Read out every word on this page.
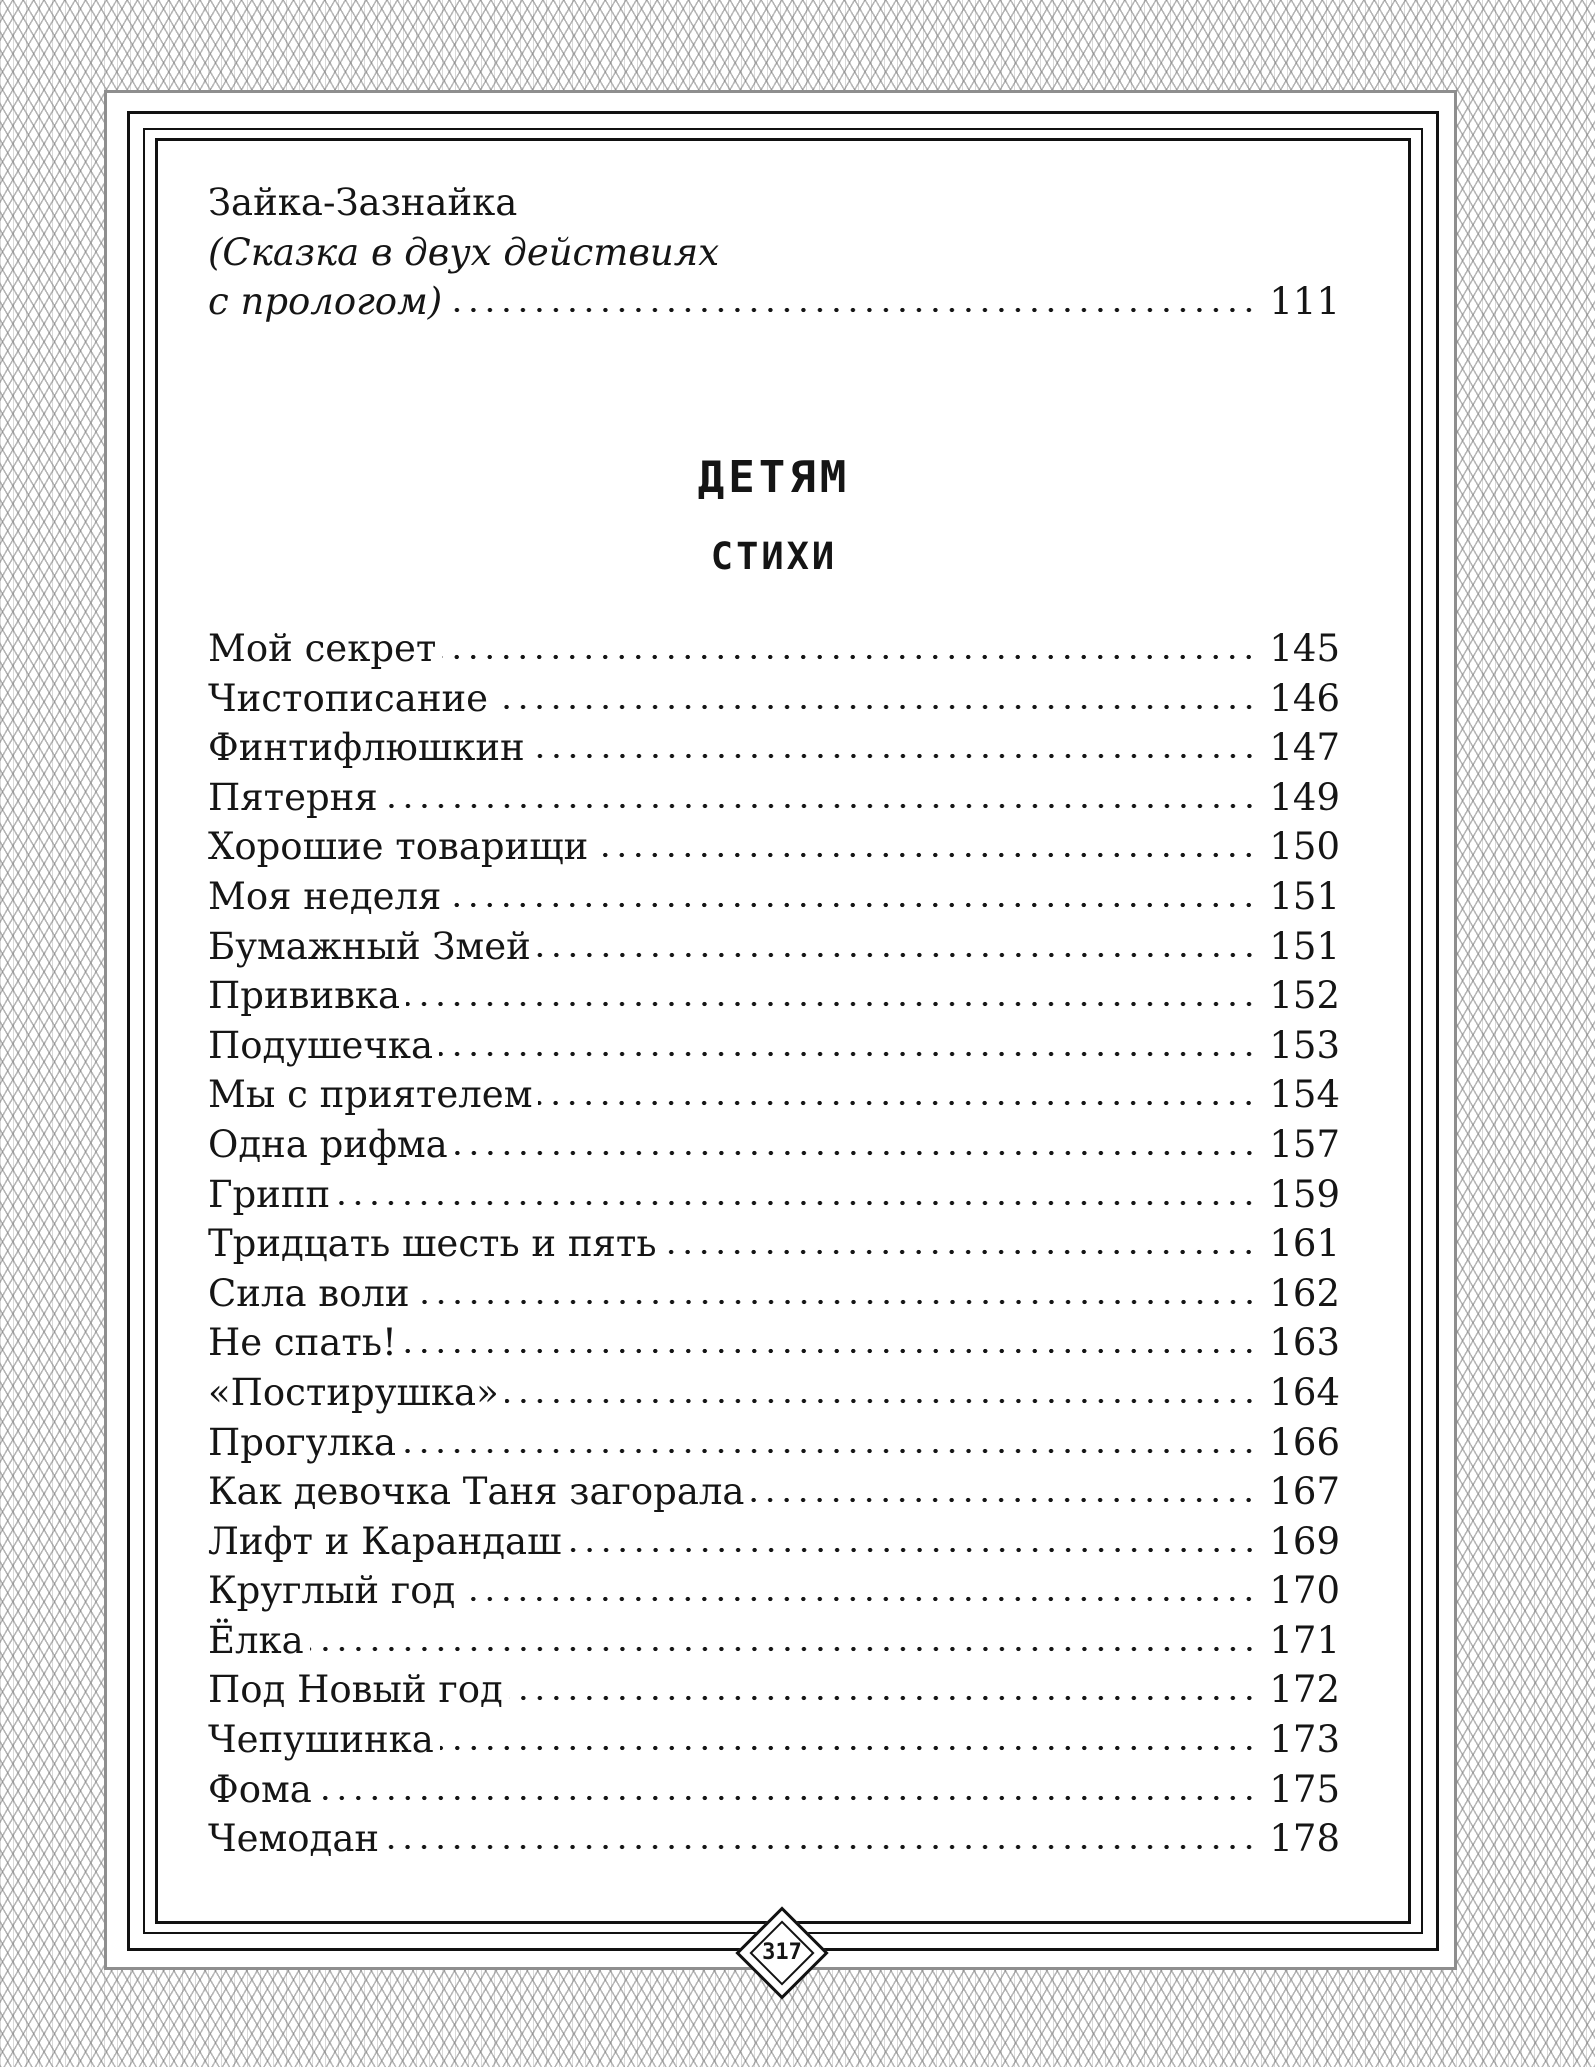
Зайка-Зазнайка
(Сказка в двух действиях
с прологом)	111
ДЕТЯМ
СТИХИ
Мой секрет	145
Чистописание	146
Финтифлюшкин	147
Пятерня	149
Хорошие товарищи	150
Моя неделя	151
Бумажный Змей	151
Прививка	152
Подушечка	153
Мы с приятелем	154
Одна рифма	157
Грипп	159
Тридцать шесть и пять	161
Сила воли	162
Не спать!	163
«Постирушка»	164
Прогулка	166
Как девочка Таня загорала	167
Лифт и Карандаш	169
Круглый год	170
Ёлка	171
Под Новый год	172
Чепушинка	173
Фома	175
Чемодан	178
317
